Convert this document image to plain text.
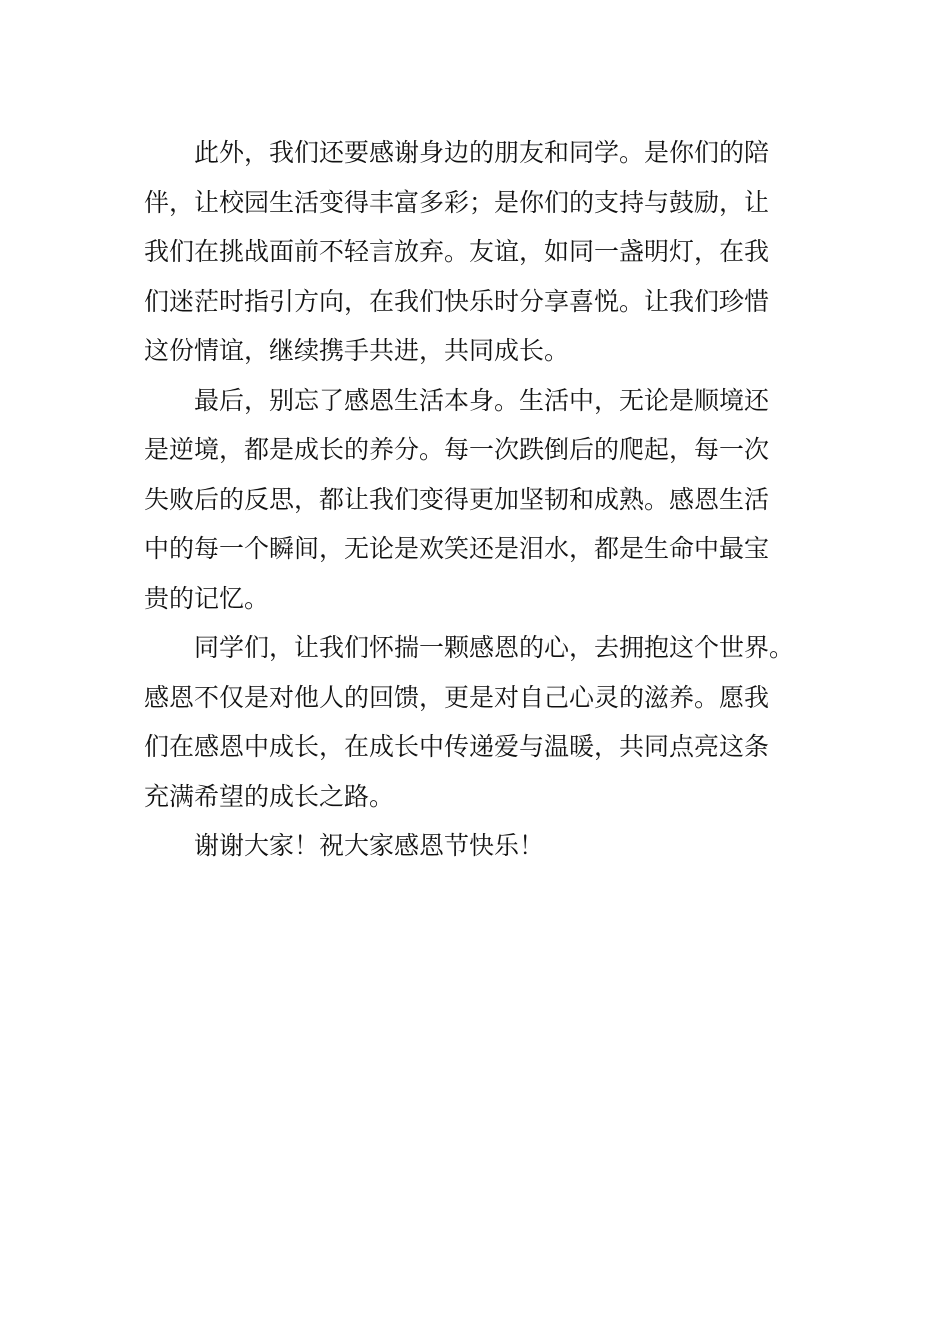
此外，我们还要感谢身边的朋友和同学。是你们的陪
伴，让校园生活变得丰富多彩；是你们的支持与鼓励，让
我们在挑战面前不轻言放弃。友谊，如同一盏明灯，在我
们迷茫时指引方向，在我们快乐时分享喜悦。让我们珍惜
这份情谊，继续携手共进，共同成长。

最后，别忘了感恩生活本身。生活中，无论是顺境还
是逆境，都是成长的养分。每一次跌倒后的爬起，每一次
失败后的反思，都让我们变得更加坚韧和成熟。感恩生活
中的每一个瞬间，无论是欢笑还是泪水，都是生命中最宝
贵的记忆。

同学们，让我们怀揣一颗感恩的心，去拥抱这个世界。
感恩不仅是对他人的回馈，更是对自己心灵的滋养。愿我
们在感恩中成长，在成长中传递爱与温暖，共同点亮这条
充满希望的成长之路。

谢谢大家！祝大家感恩节快乐！
